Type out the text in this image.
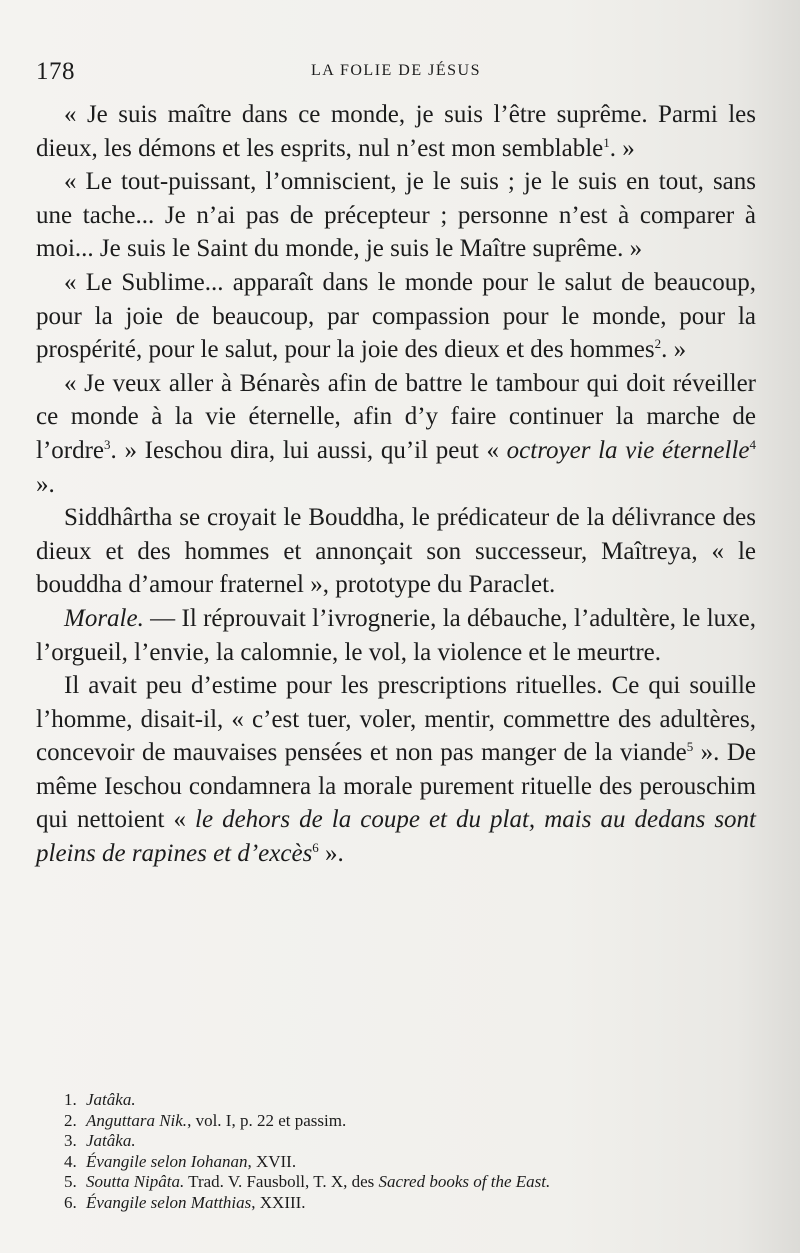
178	LA FOLIE DE JÉSUS

« Je suis maître dans ce monde, je suis l’être suprême. Parmi les dieux, les démons et les esprits, nul n’est mon semblable$^1$. »

« Le tout-puissant, l’omniscient, je le suis ; je le suis en tout, sans une tache... Je n’ai pas de précepteur ; personne n’est à comparer à moi... Je suis le Saint du monde, je suis le Maître suprême. »

« Le Sublime... apparaît dans le monde pour le salut de beaucoup, pour la joie de beaucoup, par compassion pour le monde, pour la prospérité, pour le salut, pour la joie des dieux et des hommes$^2$. »

« Je veux aller à Bénarès afin de battre le tambour qui doit réveiller ce monde à la vie éternelle, afin d’y faire continuer la marche de l’ordre$^3$. » Ieschou dira, lui aussi, qu’il peut « octroyer la vie éternelle$^4$ ».

Siddhârtha se croyait le Bouddha, le prédicateur de la délivrance des dieux et des hommes et annonçait son successeur, Maîtreya, « le bouddha d’amour fraternel », prototype du Paraclet.

Morale. — Il réprouvait l’ivrognerie, la débauche, l’adultère, le luxe, l’orgueil, l’envie, la calomnie, le vol, la violence et le meurtre.

Il avait peu d’estime pour les prescriptions rituelles. Ce qui souille l’homme, disait-il, « c’est tuer, voler, mentir, commettre des adultères, concevoir de mauvaises pensées et non pas manger de la viande$^5$ ». De même Ieschou condamnera la morale purement rituelle des perouschim qui nettoient « le dehors de la coupe et du plat, mais au dedans sont pleins de rapines et d’excès$^6$ ».

1. Jatâka.
2. Anguttara Nik., vol. I, p. 22 et passim.
3. Jatâka.
4. Évangile selon Iohanan, XVII.
5. Soutta Nipâta. Trad. V. Fausboll, T. X, des Sacred books of the East.
6. Évangile selon Matthias, XXIII.
